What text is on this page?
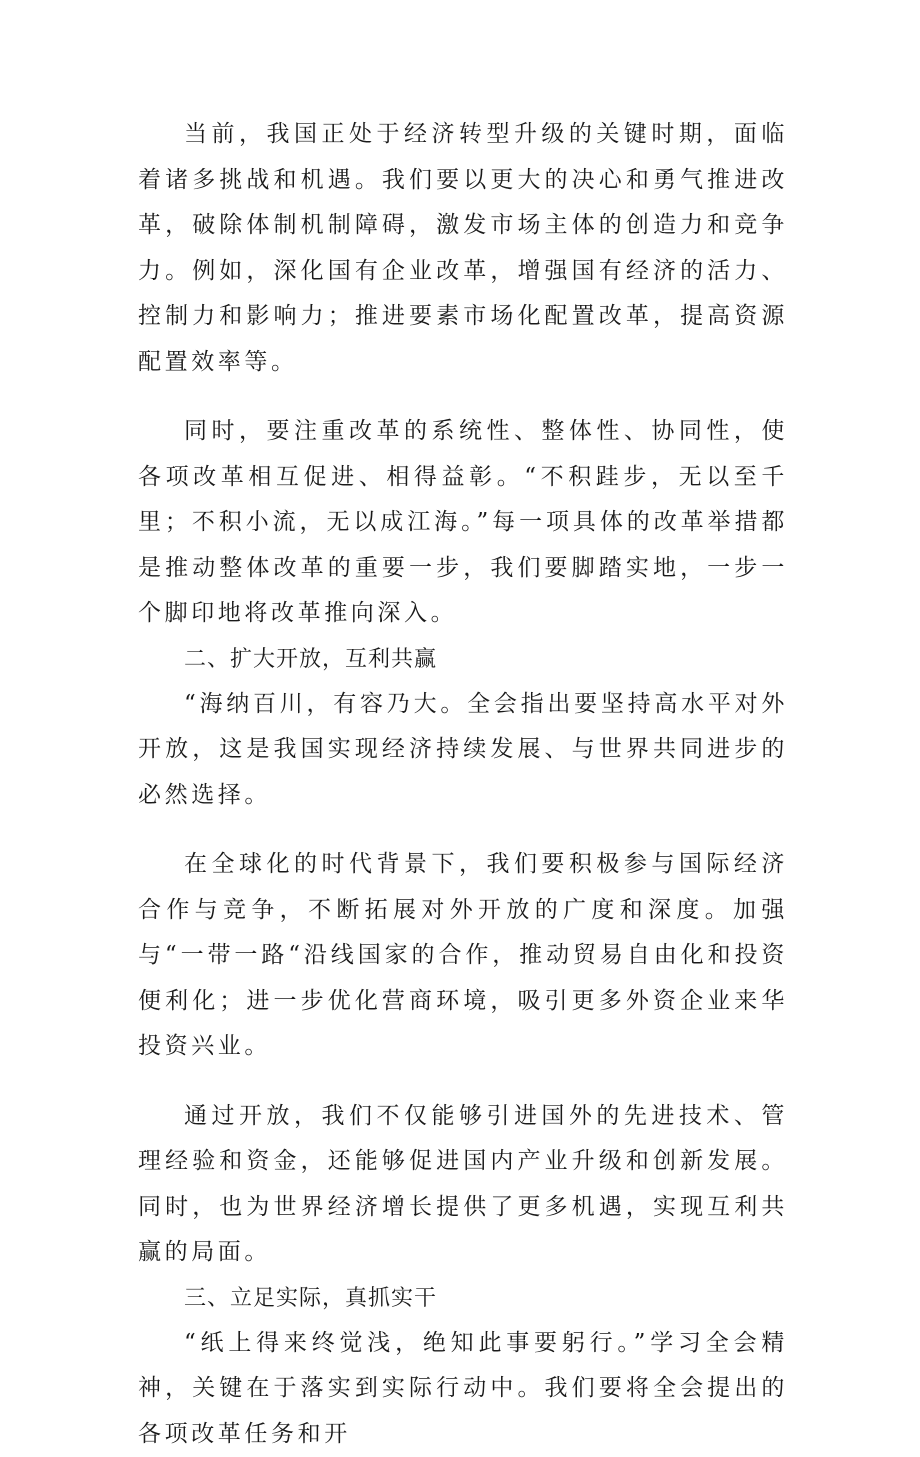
当前，我国正处于经济转型升级的关键时期，面临着诸多挑战和机遇。我们要以更大的决心和勇气推进改革，破除体制机制障碍，激发市场主体的创造力和竞争力。例如，深化国有企业改革，增强国有经济的活力、控制力和影响力；推进要素市场化配置改革，提高资源配置效率等。

同时，要注重改革的系统性、整体性、协同性，使各项改革相互促进、相得益彰。“不积跬步，无以至千里；不积小流，无以成江海。”每一项具体的改革举措都是推动整体改革的重要一步，我们要脚踏实地，一步一个脚印地将改革推向深入。

二、扩大开放，互利共赢

“海纳百川，有容乃大。全会指出要坚持高水平对外开放，这是我国实现经济持续发展、与世界共同进步的必然选择。

在全球化的时代背景下，我们要积极参与国际经济合作与竞争，不断拓展对外开放的广度和深度。加强与“一带一路“沿线国家的合作，推动贸易自由化和投资便利化；进一步优化营商环境，吸引更多外资企业来华投资兴业。

通过开放，我们不仅能够引进国外的先进技术、管理经验和资金，还能够促进国内产业升级和创新发展。同时，也为世界经济增长提供了更多机遇，实现互利共赢的局面。

三、立足实际，真抓实干

“纸上得来终觉浅，绝知此事要躬行。”学习全会精神，关键在于落实到实际行动中。我们要将全会提出的各项改革任务和开
